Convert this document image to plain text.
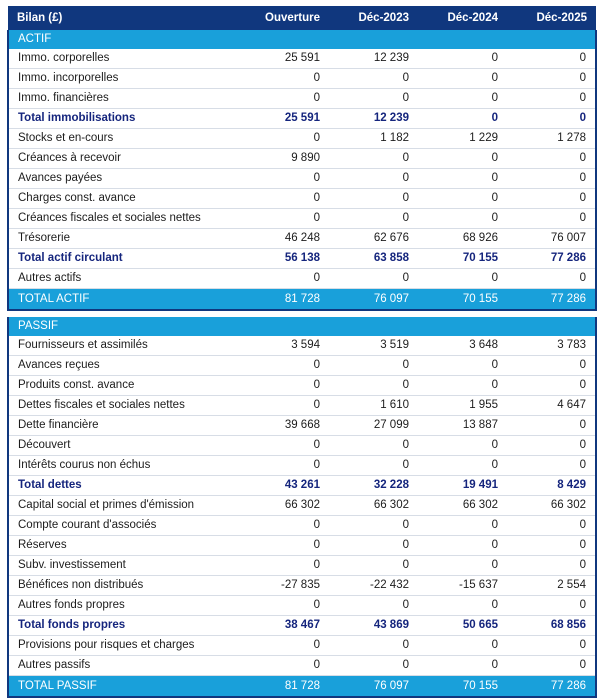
Bilan (£)	Ouverture	Déc-2023	Déc-2024	Déc-2025
ACTIF				
Immo. corporelles	25 591	12 239	0	0
Immo. incorporelles	0	0	0	0
Immo. financières	0	0	0	0
Total immobilisations	25 591	12 239	0	0
Stocks et en-cours	0	1 182	1 229	1 278
Créances à recevoir	9 890	0	0	0
Avances payées	0	0	0	0
Charges const. avance	0	0	0	0
Créances fiscales et sociales nettes	0	0	0	0
Trésorerie	46 248	62 676	68 926	76 007
Total actif circulant	56 138	63 858	70 155	77 286
Autres actifs	0	0	0	0
TOTAL ACTIF	81 728	76 097	70 155	77 286

PASSIF				
Fournisseurs et assimilés	3 594	3 519	3 648	3 783
Avances reçues	0	0	0	0
Produits const. avance	0	0	0	0
Dettes fiscales et sociales nettes	0	1 610	1 955	4 647
Dette financière	39 668	27 099	13 887	0
Découvert	0	0	0	0
Intérêts courus non échus	0	0	0	0
Total dettes	43 261	32 228	19 491	8 429
Capital social et primes d'émission	66 302	66 302	66 302	66 302
Compte courant d'associés	0	0	0	0
Réserves	0	0	0	0
Subv. investissement	0	0	0	0
Bénéfices non distribués	-27 835	-22 432	-15 637	2 554
Autres fonds propres	0	0	0	0
Total fonds propres	38 467	43 869	50 665	68 856
Provisions pour risques et charges	0	0	0	0
Autres passifs	0	0	0	0
TOTAL PASSIF	81 728	76 097	70 155	77 286
